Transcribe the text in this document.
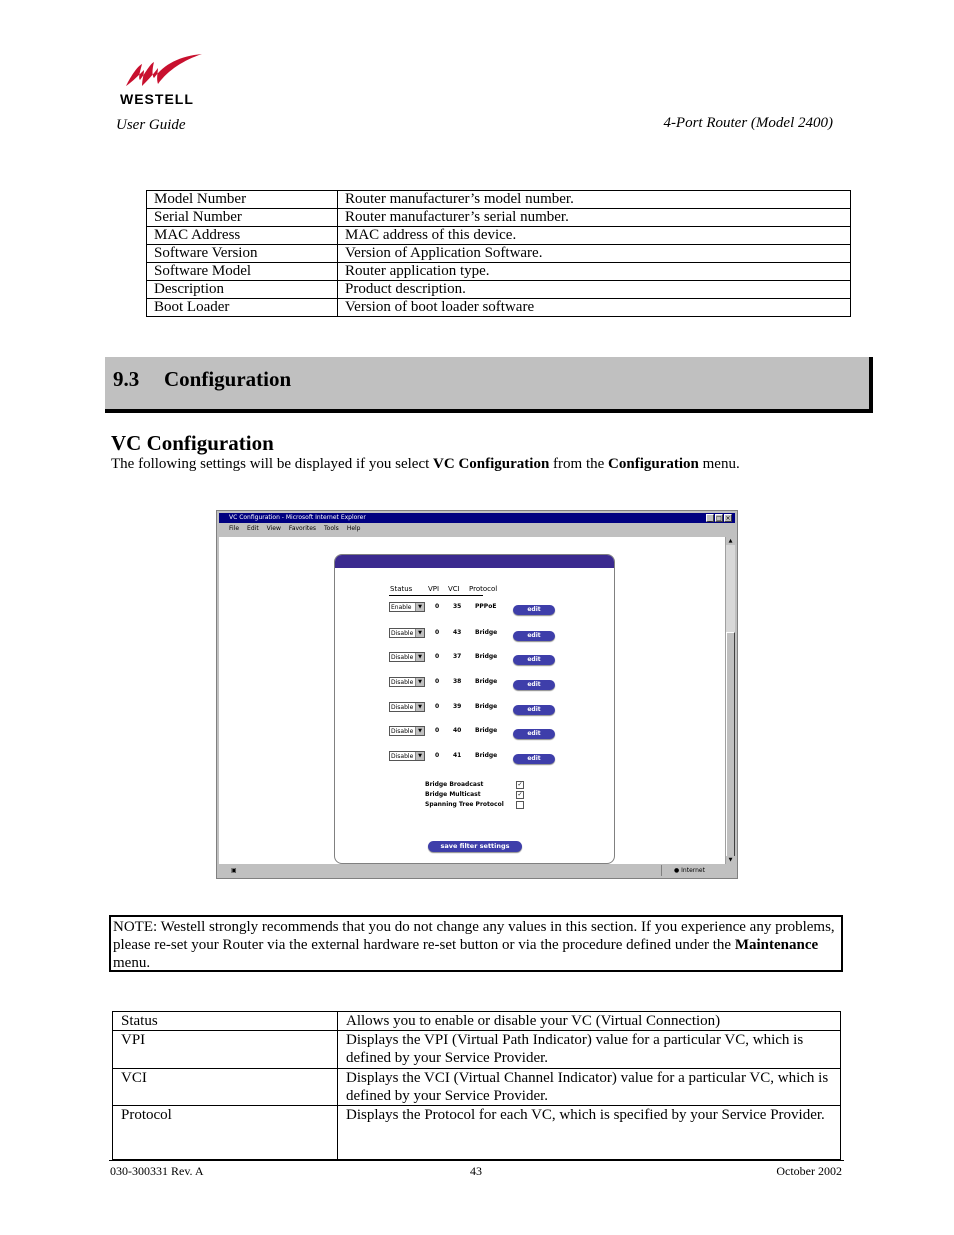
WESTELL
User Guide	4-Port Router (Model 2400)
Model Number	Router manufacturer’s model number.
Serial Number	Router manufacturer’s serial number.
MAC Address	MAC address of this device.
Software Version	Version of Application Software.
Software Model	Router application type.
Description	Product description.
Boot Loader	Version of boot loader software
9.3 Configuration
VC Configuration
The following settings will be displayed if you select VC Configuration from the Configuration menu.
VC Configuration - Microsoft Internet Explorer	_ □ ×
File Edit View Favorites Tools Help
Status VPI VCI Protocol
Enable	▼	0 35 PPPoE	edit
Disable ▼	0 43 Bridge	edit
Disable ▼	0 37 Bridge	edit
Disable ▼	0 38 Bridge	edit
Disable ▼	0 39 Bridge	edit
Disable ▼	0 40 Bridge	edit
Disable ▼	0 41 Bridge	edit
Bridge Broadcast	✓
Bridge Multicast	✓
Spanning Tree Protocol
save filter settings
▲
▼
▣	● Internet
NOTE: Westell strongly recommends that you do not change any values in this section. If you experience any problems, please re-set your Router via the external hardware re-set button or via the procedure defined under the Maintenance menu.
Status	Allows you to enable or disable your VC (Virtual Connection)
VPI	Displays the VPI (Virtual Path Indicator) value for a particular VC, which is defined by your Service Provider.
VCI	Displays the VCI (Virtual Channel Indicator) value for a particular VC, which is defined by your Service Provider.
Protocol	Displays the Protocol for each VC, which is specified by your Service Provider.
030-300331 Rev. A	43	October 2002
